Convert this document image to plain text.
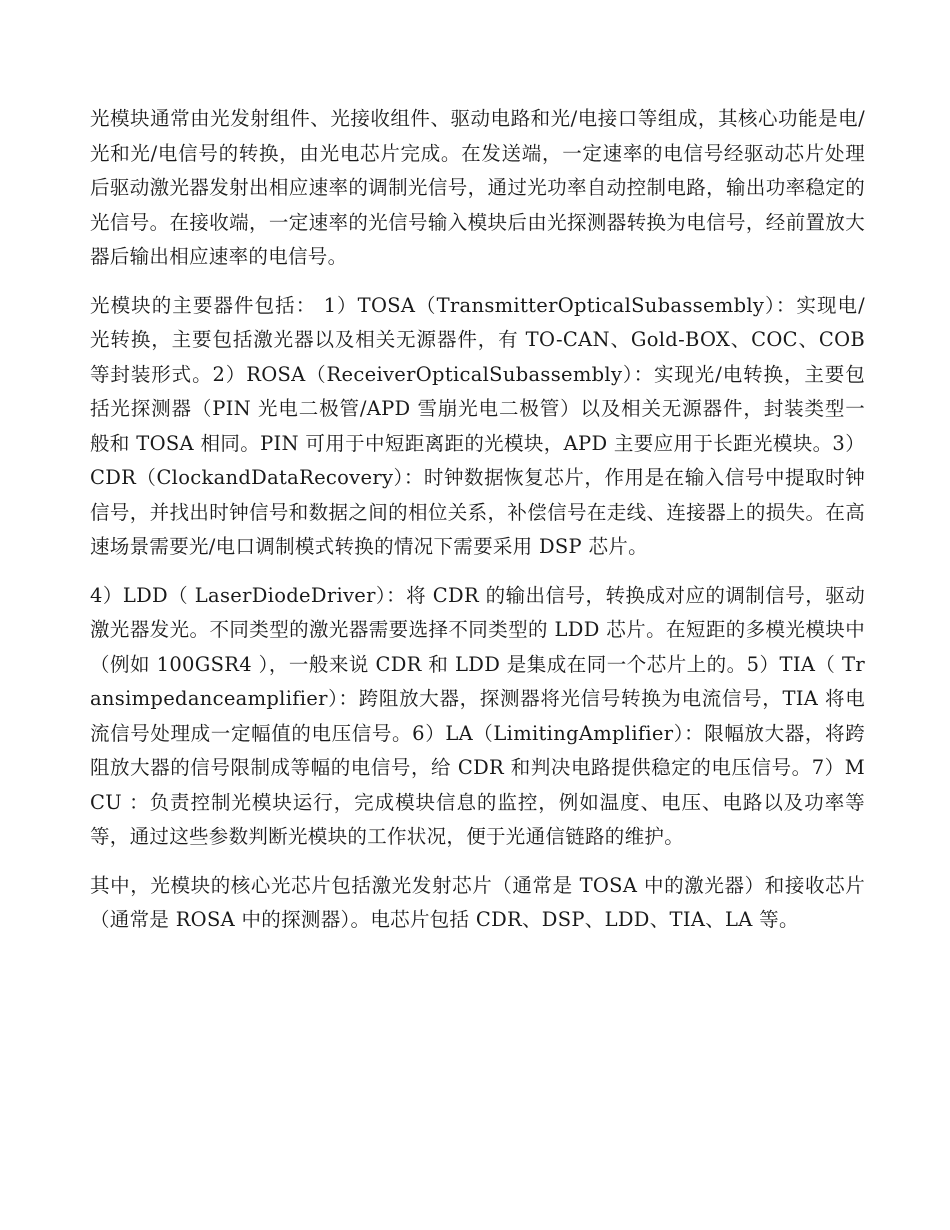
光模块通常由光发射组件、光接收组件、驱动电路和光/电接口等组成，其核心功能是电/光和光/电信号的转换，由光电芯片完成。在发送端，一定速率的电信号经驱动芯片处理后驱动激光器发射出相应速率的调制光信号，通过光功率自动控制电路，输出功率稳定的光信号。在接收端，一定速率的光信号输入模块后由光探测器转换为电信号，经前置放大器后输出相应速率的电信号。

光模块的主要器件包括： 1）TOSA（TransmitterOpticalSubassembly）：实现电/光转换，主要包括激光器以及相关无源器件，有 TO-CAN、Gold-BOX、COC、COB 等封装形式。2）ROSA（ReceiverOpticalSubassembly）：实现光/电转换，主要包括光探测器（PIN 光电二极管/APD 雪崩光电二极管）以及相关无源器件，封装类型一般和 TOSA 相同。PIN 可用于中短距离距的光模块，APD 主要应用于长距光模块。3）CDR（ClockandDataRecovery）：时钟数据恢复芯片，作用是在输入信号中提取时钟信号，并找出时钟信号和数据之间的相位关系，补偿信号在走线、连接器上的损失。在高速场景需要光/电口调制模式转换的情况下需要采用 DSP 芯片。

4）LDD（ LaserDiodeDriver）：将 CDR 的输出信号，转换成对应的调制信号，驱动激光器发光。不同类型的激光器需要选择不同类型的 LDD 芯片。在短距的多模光模块中（例如 100GSR4 ），一般来说 CDR 和 LDD 是集成在同一个芯片上的。5）TIA（ Transimpedanceamplifier）：跨阻放大器，探测器将光信号转换为电流信号，TIA 将电流信号处理成一定幅值的电压信号。6）LA（LimitingAmplifier）：限幅放大器，将跨阻放大器的信号限制成等幅的电信号，给 CDR 和判决电路提供稳定的电压信号。7）MCU ：负责控制光模块运行，完成模块信息的监控，例如温度、电压、电路以及功率等等，通过这些参数判断光模块的工作状况，便于光通信链路的维护。

其中，光模块的核心光芯片包括激光发射芯片（通常是 TOSA 中的激光器）和接收芯片（通常是 ROSA 中的探测器）。电芯片包括 CDR、DSP、LDD、TIA、LA 等。
